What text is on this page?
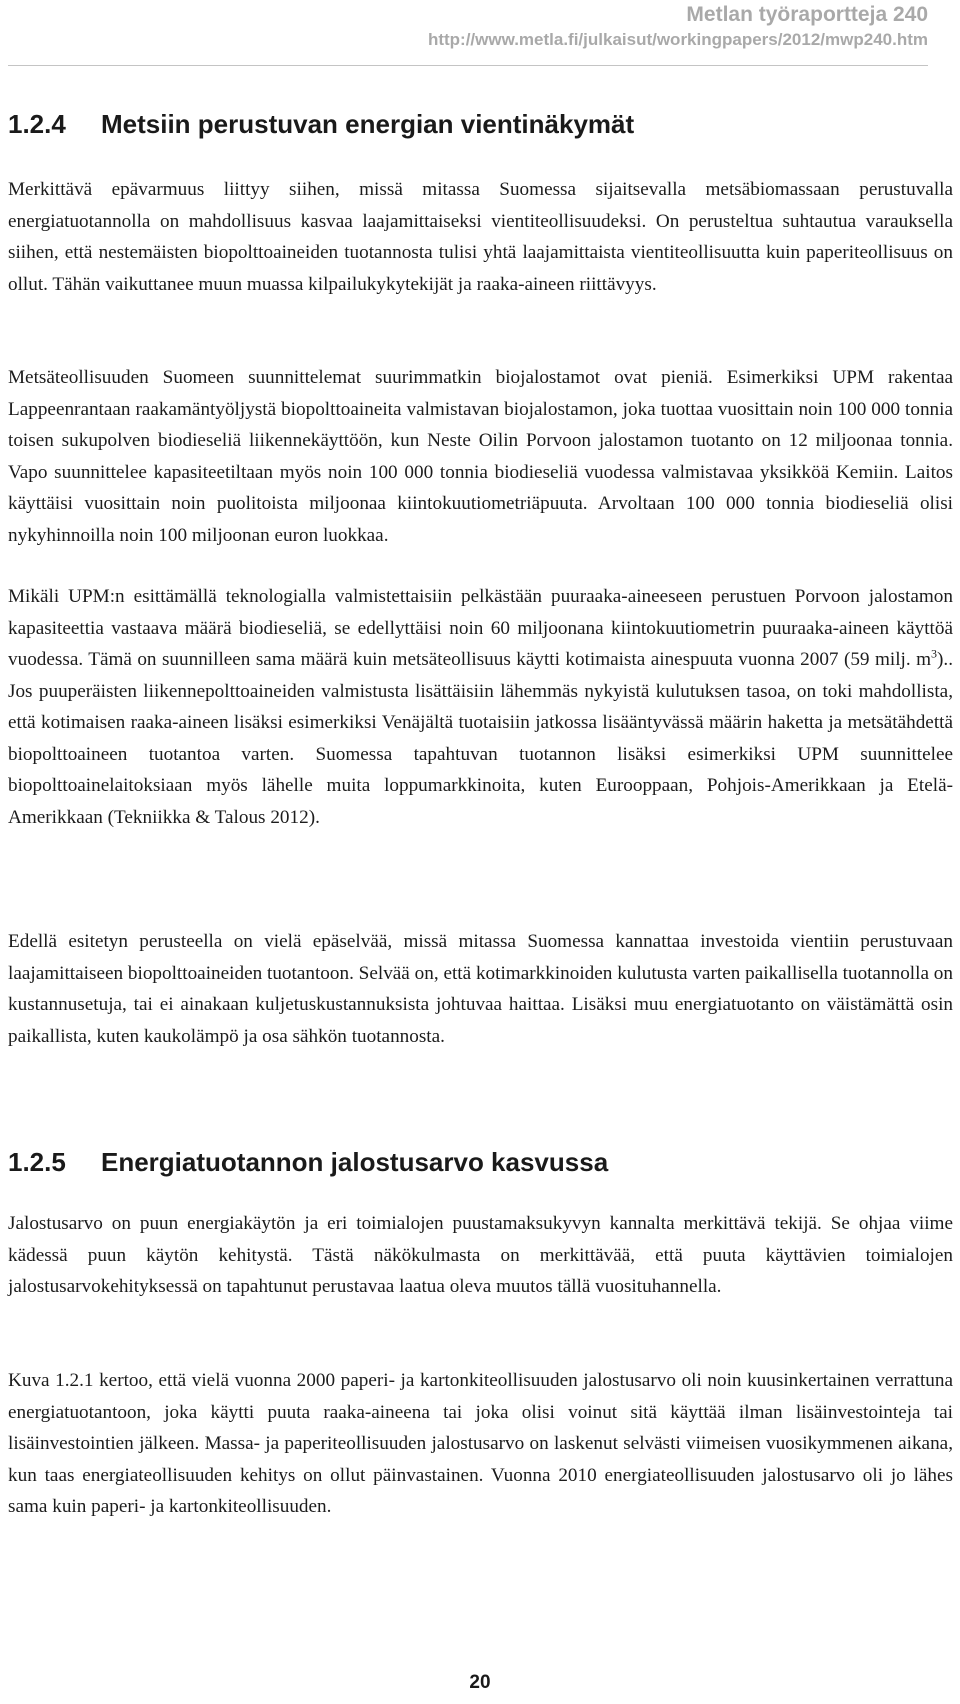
Metlan työraportteja 240
http://www.metla.fi/julkaisut/workingpapers/2012/mwp240.htm
1.2.4 Metsiin perustuvan energian vientinäkymät

Merkittävä epävarmuus liittyy siihen, missä mitassa Suomessa sijaitsevalla metsäbiomassaan perustuvalla energiatuotannolla on mahdollisuus kasvaa laajamittaiseksi vientiteollisuudeksi. On perusteltua suhtautua varauksella siihen, että nestemäisten biopolttoaineiden tuotannosta tulisi yhtä laajamittaista vientiteollisuutta kuin paperiteollisuus on ollut. Tähän vaikuttanee muun muassa kilpailukykytekijät ja raaka-aineen riittävyys.

Metsäteollisuuden Suomeen suunnittelemat suurimmatkin biojalostamot ovat pieniä. Esimerkiksi UPM rakentaa Lappeenrantaan raakamäntyöljystä biopolttoaineita valmistavan biojalostamon, joka tuottaa vuosittain noin 100 000 tonnia toisen sukupolven biodieseliä liikennekäyttöön, kun Neste Oilin Porvoon jalostamon tuotanto on 12 miljoonaa tonnia. Vapo suunnittelee kapasiteetiltaan myös noin 100 000 tonnia biodieseliä vuodessa valmistavaa yksikköä Kemiin. Laitos käyttäisi vuosittain noin puolitoista miljoonaa kiintokuutiometriäpuuta. Arvoltaan 100 000 tonnia biodieseliä olisi nykyhinnoilla noin 100 miljoonan euron luokkaa.

Mikäli UPM:n esittämällä teknologialla valmistettaisiin pelkästään puuraaka-aineeseen perustuen Porvoon jalostamon kapasiteettia vastaava määrä biodieseliä, se edellyttäisi noin 60 miljoonana kiintokuutiometrin puuraaka-aineen käyttöä vuodessa. Tämä on suunnilleen sama määrä kuin metsäteollisuus käytti kotimaista ainespuuta vuonna 2007 (59 milj. $m^3$).. Jos puuperäisten liikennepolttoaineiden valmistusta lisättäisiin lähemmäs nykyistä kulutuksen tasoa, on toki mahdollista, että kotimaisen raaka-aineen lisäksi esimerkiksi Venäjältä tuotaisiin jatkossa lisääntyvässä määrin haketta ja metsätähdettä biopolttoaineen tuotantoa varten. Suomessa tapahtuvan tuotannon lisäksi esimerkiksi UPM suunnittelee biopolttoainelaitoksiaan myös lähelle muita loppumarkkinoita, kuten Eurooppaan, Pohjois-Amerikkaan ja Etelä-Amerikkaan (Tekniikka & Talous 2012).

Edellä esitetyn perusteella on vielä epäselvää, missä mitassa Suomessa kannattaa investoida vientiin perustuvaan laajamittaiseen biopolttoaineiden tuotantoon. Selvää on, että kotimarkkinoiden kulutusta varten paikallisella tuotannolla on kustannusetuja, tai ei ainakaan kuljetuskustannuksista johtuvaa haittaa. Lisäksi muu energiatuotanto on väistämättä osin paikallista, kuten kaukolämpö ja osa sähkön tuotannosta.

1.2.5 Energiatuotannon jalostusarvo kasvussa

Jalostusarvo on puun energiakäytön ja eri toimialojen puustamaksukyvyn kannalta merkittävä tekijä. Se ohjaa viime kädessä puun käytön kehitystä. Tästä näkökulmasta on merkittävää, että puuta käyttävien toimialojen jalostusarvokehityksessä on tapahtunut perustavaa laatua oleva muutos tällä vuosituhannella.

Kuva 1.2.1 kertoo, että vielä vuonna 2000 paperi- ja kartonkiteollisuuden jalostusarvo oli noin kuusinkertainen verrattuna energiatuotantoon, joka käytti puuta raaka-aineena tai joka olisi voinut sitä käyttää ilman lisäinvestointeja tai lisäinvestointien jälkeen. Massa- ja paperiteollisuuden jalostusarvo on laskenut selvästi viimeisen vuosikymmenen aikana, kun taas energiateollisuuden kehitys on ollut päinvastainen. Vuonna 2010 energiateollisuuden jalostusarvo oli jo lähes sama kuin paperi- ja kartonkiteollisuuden.

20
